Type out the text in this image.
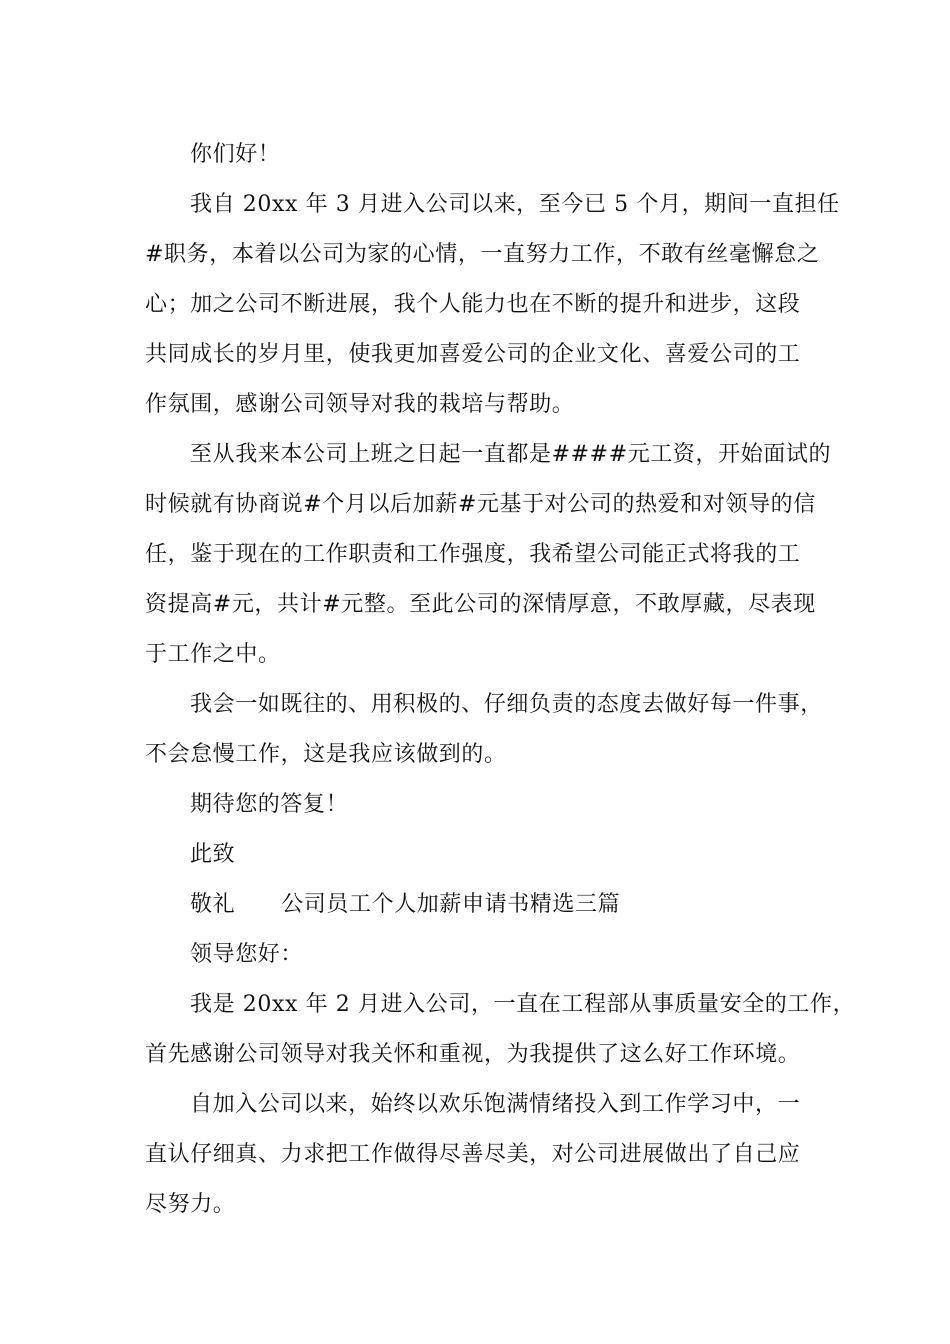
你们好！
我自 20xx 年 3 月进入公司以来，至今已 5 个月，期间一直担任
#职务，本着以公司为家的心情，一直努力工作，不敢有丝毫懈怠之
心；加之公司不断进展，我个人能力也在不断的提升和进步，这段
共同成长的岁月里，使我更加喜爱公司的企业文化、喜爱公司的工
作氛围，感谢公司领导对我的栽培与帮助。
至从我来本公司上班之日起一直都是####元工资，开始面试的
时候就有协商说#个月以后加薪#元基于对公司的热爱和对领导的信
任，鉴于现在的工作职责和工作强度，我希望公司能正式将我的工
资提高#元，共计#元整。至此公司的深情厚意，不敢厚藏，尽表现
于工作之中。
我会一如既往的、用积极的、仔细负责的态度去做好每一件事，
不会怠慢工作，这是我应该做到的。
期待您的答复！
此致
敬礼 公司员工个人加薪申请书精选三篇
领导您好：
我是 20xx 年 2 月进入公司，一直在工程部从事质量安全的工作，
首先感谢公司领导对我关怀和重视，为我提供了这么好工作环境。
自加入公司以来，始终以欢乐饱满情绪投入到工作学习中，一
直认仔细真、力求把工作做得尽善尽美，对公司进展做出了自己应
尽努力。
